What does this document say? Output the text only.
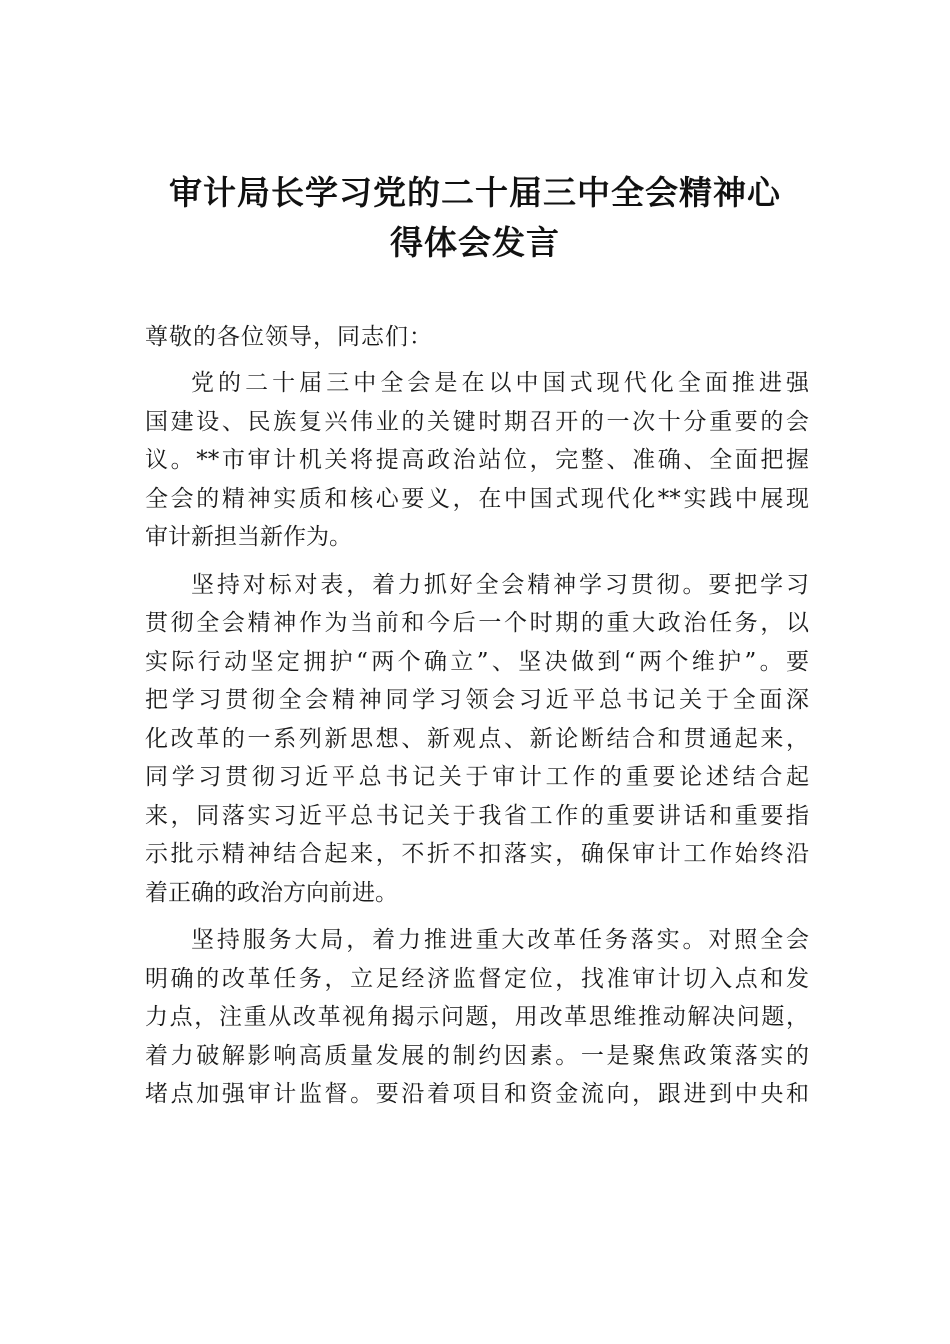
审计局长学习党的二十届三中全会精神心
得体会发言
尊敬的各位领导，同志们：
党的二十届三中全会是在以中国式现代化全面推进强
国建设、民族复兴伟业的关键时期召开的一次十分重要的会
议。**市审计机关将提高政治站位，完整、准确、全面把握
全会的精神实质和核心要义，在中国式现代化**实践中展现
审计新担当新作为。
坚持对标对表，着力抓好全会精神学习贯彻。要把学习
贯彻全会精神作为当前和今后一个时期的重大政治任务，以
实际行动坚定拥护“两个确立”、坚决做到“两个维护”。要
把学习贯彻全会精神同学习领会习近平总书记关于全面深
化改革的一系列新思想、新观点、新论断结合和贯通起来，
同学习贯彻习近平总书记关于审计工作的重要论述结合起
来，同落实习近平总书记关于我省工作的重要讲话和重要指
示批示精神结合起来，不折不扣落实，确保审计工作始终沿
着正确的政治方向前进。
坚持服务大局，着力推进重大改革任务落实。对照全会
明确的改革任务，立足经济监督定位，找准审计切入点和发
力点，注重从改革视角揭示问题，用改革思维推动解决问题，
着力破解影响高质量发展的制约因素。一是聚焦政策落实的
堵点加强审计监督。要沿着项目和资金流向，跟进到中央和
